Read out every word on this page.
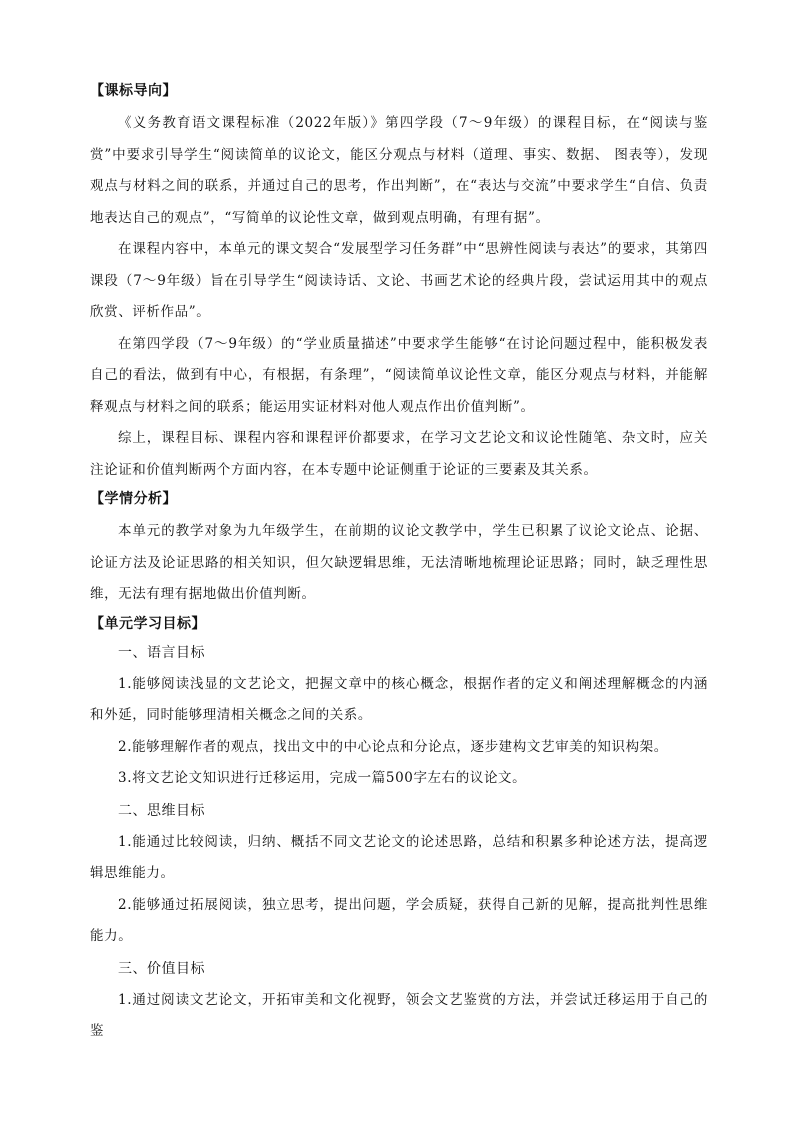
【课标导向】

《义务教育语文课程标准（2022年版）》第四学段（7～9年级）的课程目标，在“阅读与鉴赏”中要求引导学生“阅读简单的议论文，能区分观点与材料（道理、事实、数据、 图表等），发现观点与材料之间的联系，并通过自己的思考，作出判断”，在“表达与交流”中要求学生“自信、负责地表达自己的观点”，“写简单的议论性文章，做到观点明确，有理有据”。

在课程内容中，本单元的课文契合“发展型学习任务群”中“思辨性阅读与表达”的要求，其第四课段（7～9年级）旨在引导学生“阅读诗话、文论、书画艺术论的经典片段，尝试运用其中的观点欣赏、评析作品”。

在第四学段（7～9年级）的“学业质量描述”中要求学生能够“在讨论问题过程中，能积极发表自己的看法，做到有中心，有根据，有条理”，“阅读简单议论性文章，能区分观点与材料，并能解释观点与材料之间的联系；能运用实证材料对他人观点作出价值判断”。

综上，课程目标、课程内容和课程评价都要求，在学习文艺论文和议论性随笔、杂文时，应关注论证和价值判断两个方面内容，在本专题中论证侧重于论证的三要素及其关系。

【学情分析】

本单元的教学对象为九年级学生，在前期的议论文教学中，学生已积累了议论文论点、论据、论证方法及论证思路的相关知识，但欠缺逻辑思维，无法清晰地梳理论证思路；同时，缺乏理性思维，无法有理有据地做出价值判断。

【单元学习目标】

一、语言目标

1.能够阅读浅显的文艺论文，把握文章中的核心概念，根据作者的定义和阐述理解概念的内涵和外延，同时能够理清相关概念之间的关系。

2.能够理解作者的观点，找出文中的中心论点和分论点，逐步建构文艺审美的知识构架。

3.将文艺论文知识进行迁移运用，完成一篇500字左右的议论文。

二、思维目标

1.能通过比较阅读，归纳、概括不同文艺论文的论述思路，总结和积累多种论述方法，提高逻辑思维能力。

2.能够通过拓展阅读，独立思考，提出问题，学会质疑，获得自己新的见解，提高批判性思维能力。

三、价值目标

1.通过阅读文艺论文，开拓审美和文化视野，领会文艺鉴赏的方法，并尝试迁移运用于自己的鉴
